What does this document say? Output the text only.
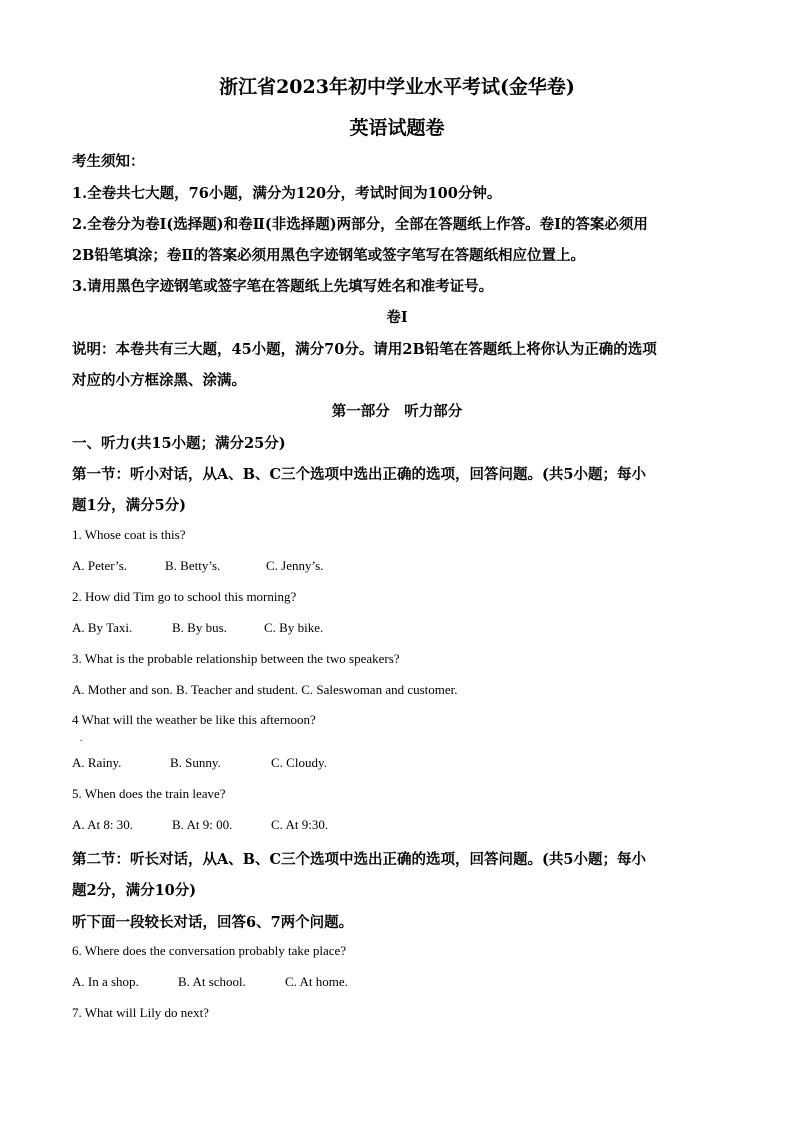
浙江省2023年初中学业水平考试(金华卷)

英语试题卷

考生须知：

1.全卷共七大题，76小题，满分为120分，考试时间为100分钟。

2.全卷分为卷Ⅰ(选择题)和卷Ⅱ(非选择题)两部分，全部在答题纸上作答。卷Ⅰ的答案必须用

2B铅笔填涂；卷Ⅱ的答案必须用黑色字迹钢笔或签字笔写在答题纸相应位置上。

3.请用黑色字迹钢笔或签字笔在答题纸上先填写姓名和准考证号。

卷Ⅰ

说明：本卷共有三大题，45小题，满分70分。请用2B铅笔在答题纸上将你认为正确的选项

对应的小方框涂黑、涂满。

第一部分　听力部分

一、听力(共15小题；满分25分)

第一节：听小对话，从A、B、C三个选项中选出正确的选项，回答问题。(共5小题；每小

题1分，满分5分)

1. Whose coat is this?

A. Peter’s.	B. Betty’s.	C. Jenny’s.

2. How did Tim go to school this morning?

A. By Taxi.	B. By bus.	C. By bike.

3. What is the probable relationship between the two speakers?

A. Mother and son. B. Teacher and student. C. Saleswoman and customer.

4 What will the weather be like this afternoon?

.
A. Rainy.	B. Sunny.	C. Cloudy.

5. When does the train leave?

A. At 8: 30.	B. At 9: 00.	C. At 9:30.

第二节：听长对话，从A、B、C三个选项中选出正确的选项，回答问题。(共5小题；每小

题2分，满分10分)

听下面一段较长对话，回答6、7两个问题。

6. Where does the conversation probably take place?

A. In a shop.	B. At school.	C. At home.

7. What will Lily do next?
